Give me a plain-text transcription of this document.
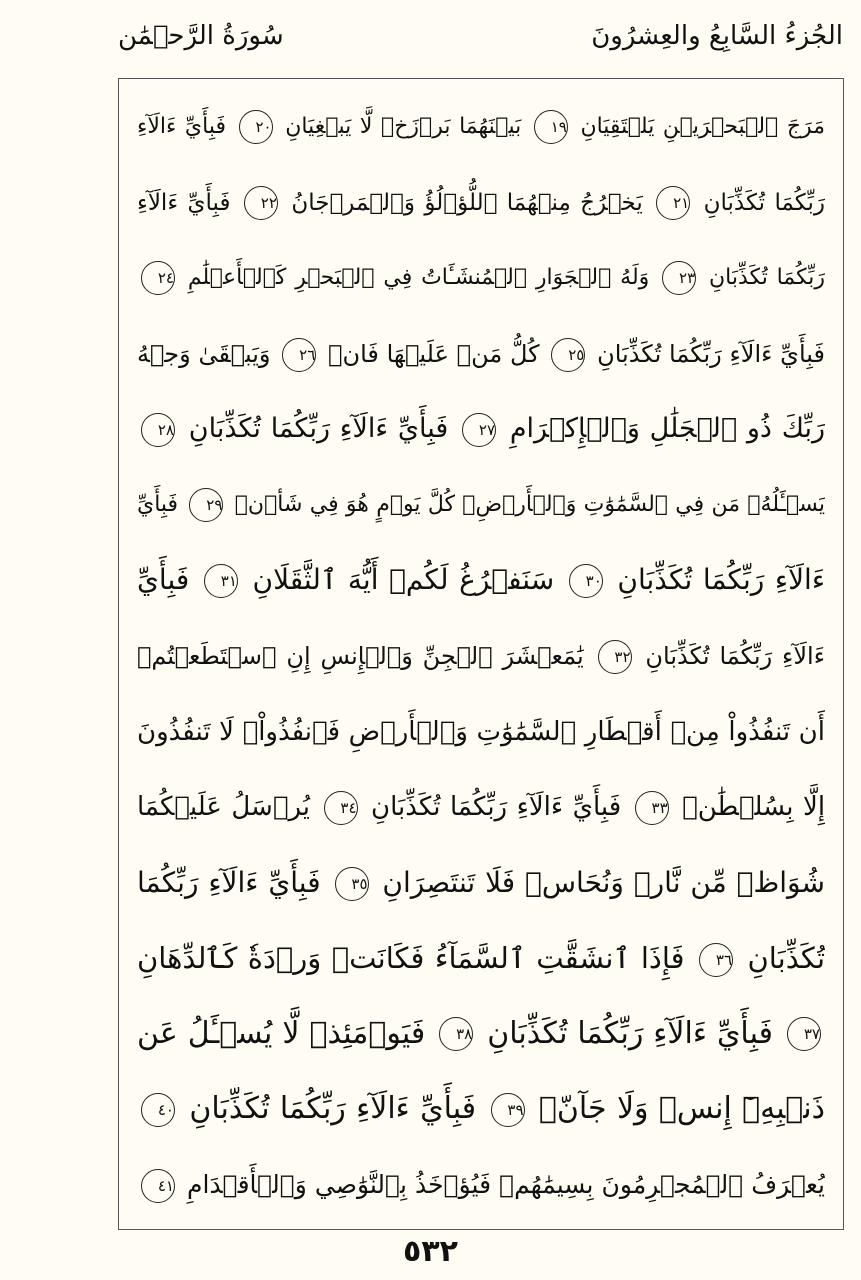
الجُزءُ السَّابِعُ والعِشرُونَ
سُورَةُ الرَّحۡمَٰن
مَرَجَ ٱلۡبَحۡرَيۡنِ يَلۡتَقِيَانِ ١٩ بَيۡنَهُمَا بَرۡزَخٞ لَّا يَبۡغِيَانِ ٢٠ فَبِأَيِّ ءَالَآءِ
رَبِّكُمَا تُكَذِّبَانِ ٢١ يَخۡرُجُ مِنۡهُمَا ٱللُّؤۡلُؤُ وَٱلۡمَرۡجَانُ ٢٢ فَبِأَيِّ ءَالَآءِ
رَبِّكُمَا تُكَذِّبَانِ ٢٣ وَلَهُ ٱلۡجَوَارِ ٱلۡمُنشَـَٔاتُ فِي ٱلۡبَحۡرِ كَٱلۡأَعۡلَٰمِ ٢٤
فَبِأَيِّ ءَالَآءِ رَبِّكُمَا تُكَذِّبَانِ ٢٥ كُلُّ مَنۡ عَلَيۡهَا فَانٖ ٢٦ وَيَبۡقَىٰ وَجۡهُ
رَبِّكَ ذُو ٱلۡجَلَٰلِ وَٱلۡإِكۡرَامِ ٢٧ فَبِأَيِّ ءَالَآءِ رَبِّكُمَا تُكَذِّبَانِ ٢٨
يَسۡـَٔلُهُۥ مَن فِي ٱلسَّمَٰوَٰتِ وَٱلۡأَرۡضِۚ كُلَّ يَوۡمٍ هُوَ فِي شَأۡنٖ ٢٩ فَبِأَيِّ
ءَالَآءِ رَبِّكُمَا تُكَذِّبَانِ ٣٠ سَنَفۡرُغُ لَكُمۡ أَيُّهَ ٱلثَّقَلَانِ ٣١ فَبِأَيِّ
ءَالَآءِ رَبِّكُمَا تُكَذِّبَانِ ٣٢ يَٰمَعۡشَرَ ٱلۡجِنِّ وَٱلۡإِنسِ إِنِ ٱسۡتَطَعۡتُمۡ
أَن تَنفُذُواْ مِنۡ أَقۡطَارِ ٱلسَّمَٰوَٰتِ وَٱلۡأَرۡضِ فَٱنفُذُواْۚ لَا تَنفُذُونَ
إِلَّا بِسُلۡطَٰنٖ ٣٣ فَبِأَيِّ ءَالَآءِ رَبِّكُمَا تُكَذِّبَانِ ٣٤ يُرۡسَلُ عَلَيۡكُمَا
شُوَاظٞ مِّن نَّارٖ وَنُحَاسٞ فَلَا تَنتَصِرَانِ ٣٥ فَبِأَيِّ ءَالَآءِ رَبِّكُمَا
تُكَذِّبَانِ ٣٦ فَإِذَا ٱنشَقَّتِ ٱلسَّمَآءُ فَكَانَتۡ وَرۡدَةٗ كَٱلدِّهَانِ
٣٧ فَبِأَيِّ ءَالَآءِ رَبِّكُمَا تُكَذِّبَانِ ٣٨ فَيَوۡمَئِذٖ لَّا يُسۡـَٔلُ عَن
ذَنۢبِهِۦٓ إِنسٞ وَلَا جَآنّٞ ٣٩ فَبِأَيِّ ءَالَآءِ رَبِّكُمَا تُكَذِّبَانِ ٤٠
يُعۡرَفُ ٱلۡمُجۡرِمُونَ بِسِيمَٰهُمۡ فَيُؤۡخَذُ بِٱلنَّوَٰصِي وَٱلۡأَقۡدَامِ ٤١
٥٣٢
